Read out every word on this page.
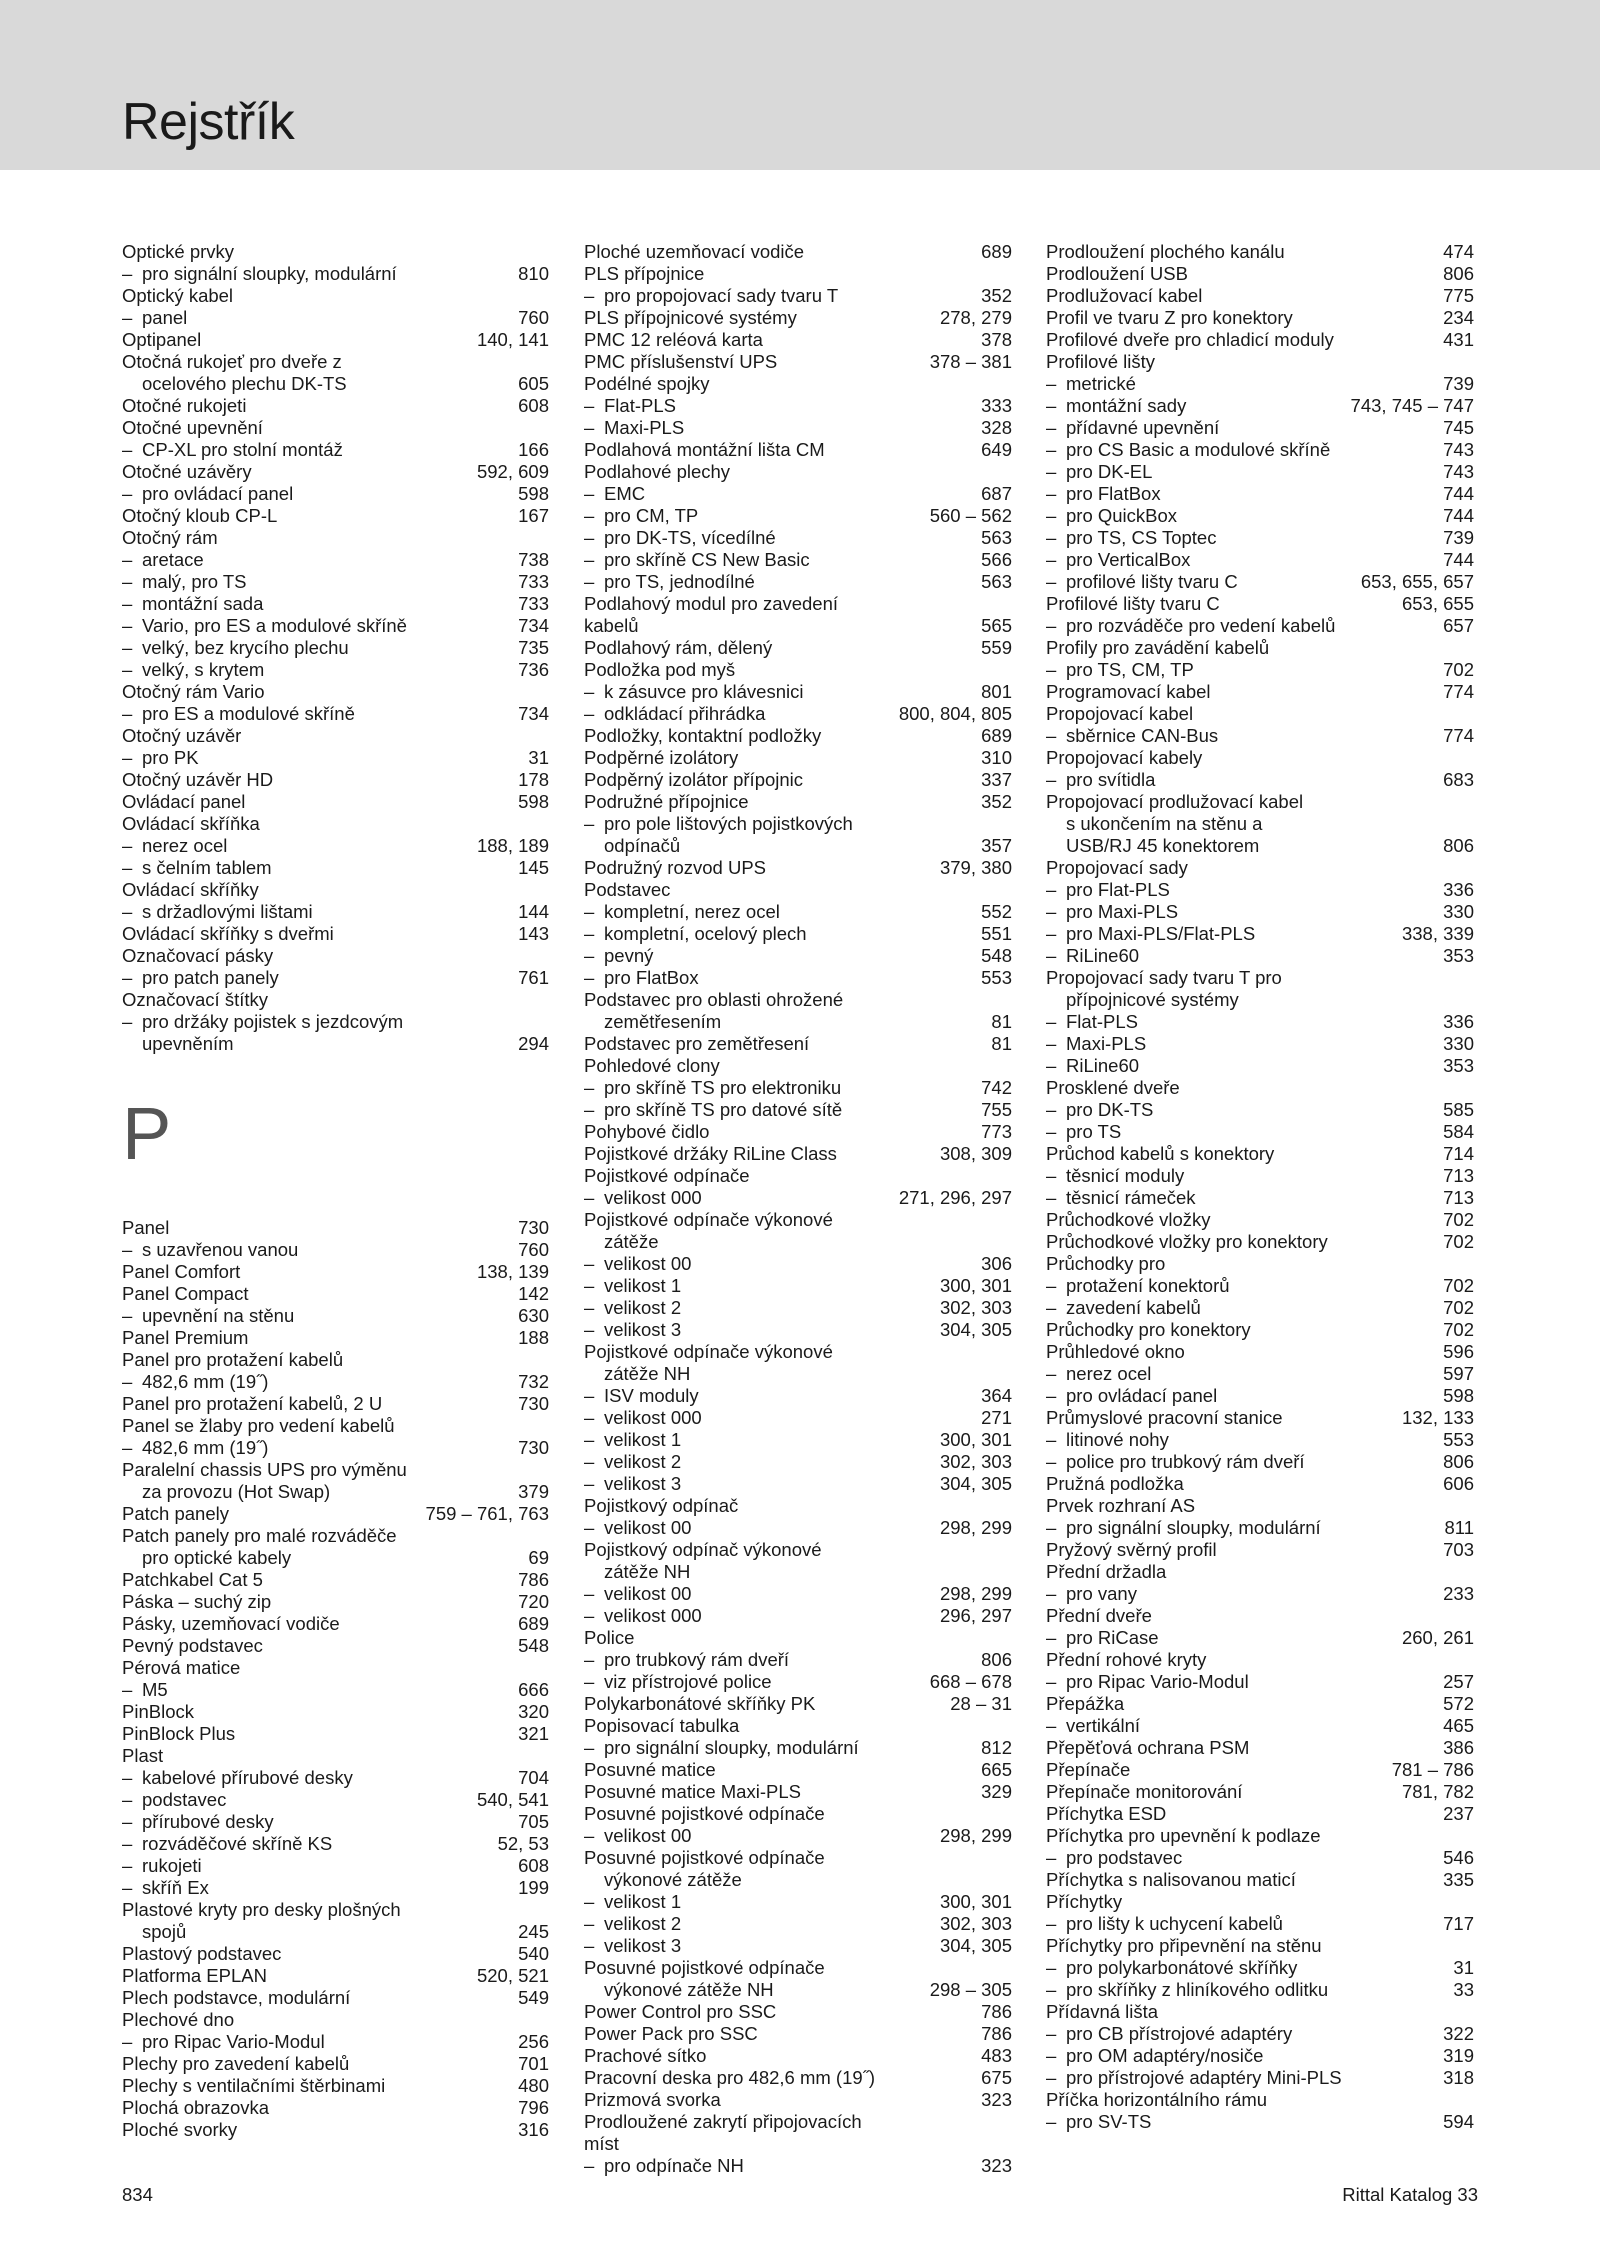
Rejstřík
Optické prvky
– pro signální sloupky, modulární	810
Optický kabel
– panel	760
Optipanel	140, 141
Otočná rukojeť pro dveře z
ocelového plechu DK-TS	605
Otočné rukojeti	608
Otočné upevnění
– CP-XL pro stolní montáž	166
Otočné uzávěry	592, 609
– pro ovládací panel	598
Otočný kloub CP-L	167
Otočný rám
– aretace	738
– malý, pro TS	733
– montážní sada	733
– Vario, pro ES a modulové skříně	734
– velký, bez krycího plechu	735
– velký, s krytem	736
Otočný rám Vario
– pro ES a modulové skříně	734
Otočný uzávěr
– pro PK	31
Otočný uzávěr HD	178
Ovládací panel	598
Ovládací skříňka
– nerez ocel	188, 189
– s čelním tablem	145
Ovládací skříňky
– s držadlovými lištami	144
Ovládací skříňky s dveřmi	143
Označovací pásky
– pro patch panely	761
Označovací štítky
– pro držáky pojistek s jezdcovým upevněním	294
P
Panel	730
– s uzavřenou vanou	760
Panel Comfort	138, 139
Panel Compact	142
– upevnění na stěnu	630
Panel Premium	188
Panel pro protažení kabelů
– 482,6 mm (19˝)	732
Panel pro protažení kabelů, 2 U	730
Panel se žlaby pro vedení kabelů
– 482,6 mm (19˝)	730
Paralelní chassis UPS pro výměnu
za provozu (Hot Swap)	379
Patch panely	759 – 761, 763
Patch panely pro malé rozváděče
pro optické kabely	69
Patchkabel Cat 5	786
Páska – suchý zip	720
Pásky, uzemňovací vodiče	689
Pevný podstavec	548
Pérová matice
– M5	666
PinBlock	320
PinBlock Plus	321
Plast
– kabelové přírubové desky	704
– podstavec	540, 541
– přírubové desky	705
– rozváděčové skříně KS	52, 53
– rukojeti	608
– skříň Ex	199
Plastové kryty pro desky plošných
spojů	245
Plastový podstavec	540
Platforma EPLAN	520, 521
Plech podstavce, modulární	549
Plechové dno
– pro Ripac Vario-Modul	256
Plechy pro zavedení kabelů	701
Plechy s ventilačními štěrbinami	480
Plochá obrazovka	796
Ploché svorky	316
Ploché uzemňovací vodiče	689
PLS přípojnice
– pro propojovací sady tvaru T	352
PLS přípojnicové systémy	278, 279
PMC 12 reléová karta	378
PMC příslušenství UPS	378 – 381
Podélné spojky
– Flat-PLS	333
– Maxi-PLS	328
Podlahová montážní lišta CM	649
Podlahové plechy
– EMC	687
– pro CM, TP	560 – 562
– pro DK-TS, vícedílné	563
– pro skříně CS New Basic	566
– pro TS, jednodílné	563
Podlahový modul pro zavedení kabelů	565
Podlahový rám, dělený	559
Podložka pod myš
– k zásuvce pro klávesnici	801
– odkládací přihrádka	800, 804, 805
Podložky, kontaktní podložky	689
Podpěrné izolátory	310
Podpěrný izolátor přípojnic	337
Podružné přípojnice	352
– pro pole lištových pojistkových odpínačů	357
Podružný rozvod UPS	379, 380
Podstavec
– kompletní, nerez ocel	552
– kompletní, ocelový plech	551
– pevný	548
– pro FlatBox	553
Podstavec pro oblasti ohrožené
zemětřesením	81
Podstavec pro zemětřesení	81
Pohledové clony
– pro skříně TS pro elektroniku	742
– pro skříně TS pro datové sítě	755
Pohybové čidlo	773
Pojistkové držáky RiLine Class	308, 309
Pojistkové odpínače
– velikost 000	271, 296, 297
Pojistkové odpínače výkonové
zátěže
– velikost 00	306
– velikost 1	300, 301
– velikost 2	302, 303
– velikost 3	304, 305
Pojistkové odpínače výkonové
zátěže NH
– ISV moduly	364
– velikost 000	271
– velikost 1	300, 301
– velikost 2	302, 303
– velikost 3	304, 305
Pojistkový odpínač
– velikost 00	298, 299
Pojistkový odpínač výkonové
zátěže NH
– velikost 00	298, 299
– velikost 000	296, 297
Police
– pro trubkový rám dveří	806
– viz přístrojové police	668 – 678
Polykarbonátové skříňky PK	28 – 31
Popisovací tabulka
– pro signální sloupky, modulární	812
Posuvné matice	665
Posuvné matice Maxi-PLS	329
Posuvné pojistkové odpínače
– velikost 00	298, 299
Posuvné pojistkové odpínače
výkonové zátěže
– velikost 1	300, 301
– velikost 2	302, 303
– velikost 3	304, 305
Posuvné pojistkové odpínače
výkonové zátěže NH	298 – 305
Power Control pro SSC	786
Power Pack pro SSC	786
Prachové sítko	483
Pracovní deska pro 482,6 mm (19˝)	675
Prizmová svorka	323
Prodloužené zakrytí připojovacích míst
– pro odpínače NH	323
Prodloužení plochého kanálu	474
Prodloužení USB	806
Prodlužovací kabel	775
Profil ve tvaru Z pro konektory	234
Profilové dveře pro chladicí moduly	431
Profilové lišty
– metrické	739
– montážní sady	743, 745 – 747
– přídavné upevnění	745
– pro CS Basic a modulové skříně	743
– pro DK-EL	743
– pro FlatBox	744
– pro QuickBox	744
– pro TS, CS Toptec	739
– pro VerticalBox	744
– profilové lišty tvaru C	653, 655, 657
Profilové lišty tvaru C	653, 655
– pro rozváděče pro vedení kabelů	657
Profily pro zavádění kabelů
– pro TS, CM, TP	702
Programovací kabel	774
Propojovací kabel
– sběrnice CAN-Bus	774
Propojovací kabely
– pro svítidla	683
Propojovací prodlužovací kabel
s ukončením na stěnu a
USB/RJ 45 konektorem	806
Propojovací sady
– pro Flat-PLS	336
– pro Maxi-PLS	330
– pro Maxi-PLS/Flat-PLS	338, 339
– RiLine60	353
Propojovací sady tvaru T pro
přípojnicové systémy
– Flat-PLS	336
– Maxi-PLS	330
– RiLine60	353
Prosklené dveře
– pro DK-TS	585
– pro TS	584
Průchod kabelů s konektory	714
– těsnicí moduly	713
– těsnicí rámeček	713
Průchodkové vložky	702
Průchodkové vložky pro konektory	702
Průchodky pro
– protažení konektorů	702
– zavedení kabelů	702
Průchodky pro konektory	702
Průhledové okno	596
– nerez ocel	597
– pro ovládací panel	598
Průmyslové pracovní stanice	132, 133
– litinové nohy	553
– police pro trubkový rám dveří	806
Pružná podložka	606
Prvek rozhraní AS
– pro signální sloupky, modulární	811
Pryžový svěrný profil	703
Přední držadla
– pro vany	233
Přední dveře
– pro RiCase	260, 261
Přední rohové kryty
– pro Ripac Vario-Modul	257
Přepážka	572
– vertikální	465
Přepěťová ochrana PSM	386
Přepínače	781 – 786
Přepínače monitorování	781, 782
Příchytka ESD	237
Příchytka pro upevnění k podlaze
– pro podstavec	546
Příchytka s nalisovanou maticí	335
Příchytky
– pro lišty k uchycení kabelů	717
Příchytky pro připevnění na stěnu
– pro polykarbonátové skříňky	31
– pro skříňky z hliníkového odlitku	33
Přídavná lišta
– pro CB přístrojové adaptéry	322
– pro OM adaptéry/nosiče	319
– pro přístrojové adaptéry Mini-PLS	318
Příčka horizontálního rámu
– pro SV-TS	594
834	Rittal Katalog 33
